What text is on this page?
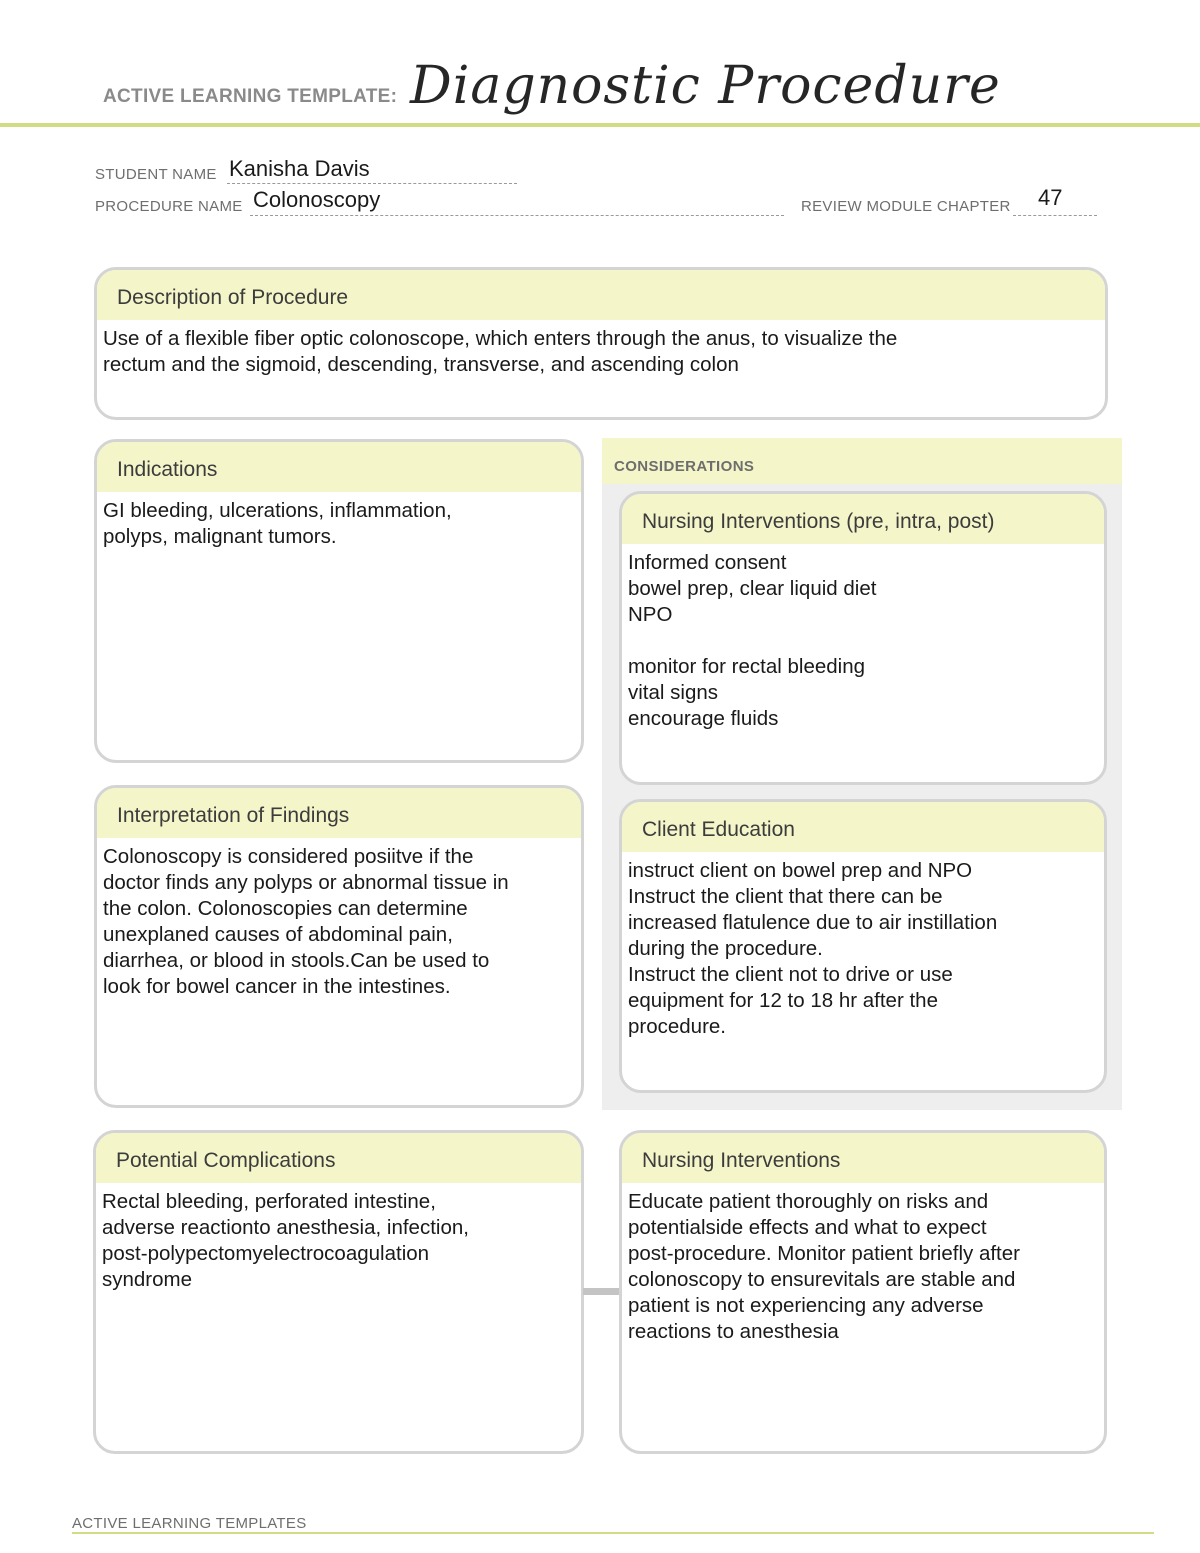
ACTIVE LEARNING TEMPLATE: Diagnostic Procedure
STUDENT NAME Kanisha Davis
PROCEDURE NAME Colonoscopy	REVIEW MODULE CHAPTER 47
Description of Procedure
Use of a flexible fiber optic colonoscope, which enters through the anus, to visualize the
rectum and the sigmoid, descending, transverse, and ascending colon
CONSIDERATIONS
Indications
GI bleeding, ulcerations, inflammation,
polyps, malignant tumors.
Nursing Interventions (pre, intra, post)
Informed consent
bowel prep, clear liquid diet
NPO

monitor for rectal bleeding
vital signs
encourage fluids
Interpretation of Findings
Colonoscopy is considered posiitve if the
doctor finds any polyps or abnormal tissue in
the colon. Colonoscopies can determine
unexplaned causes of abdominal pain,
diarrhea, or blood in stools.Can be used to
look for bowel cancer in the intestines.
Client Education
instruct client on bowel prep and NPO
Instruct the client that there can be
increased flatulence due to air instillation
during the procedure.
Instruct the client not to drive or use
equipment for 12 to 18 hr after the
procedure.
Potential Complications
Rectal bleeding, perforated intestine,
adverse reactionto anesthesia, infection,
post-polypectomyelectrocoagulation
syndrome
Nursing Interventions
Educate patient thoroughly on risks and
potentialside effects and what to expect
post-procedure. Monitor patient briefly after
colonoscopy to ensurevitals are stable and
patient is not experiencing any adverse
reactions to anesthesia
ACTIVE LEARNING TEMPLATES
